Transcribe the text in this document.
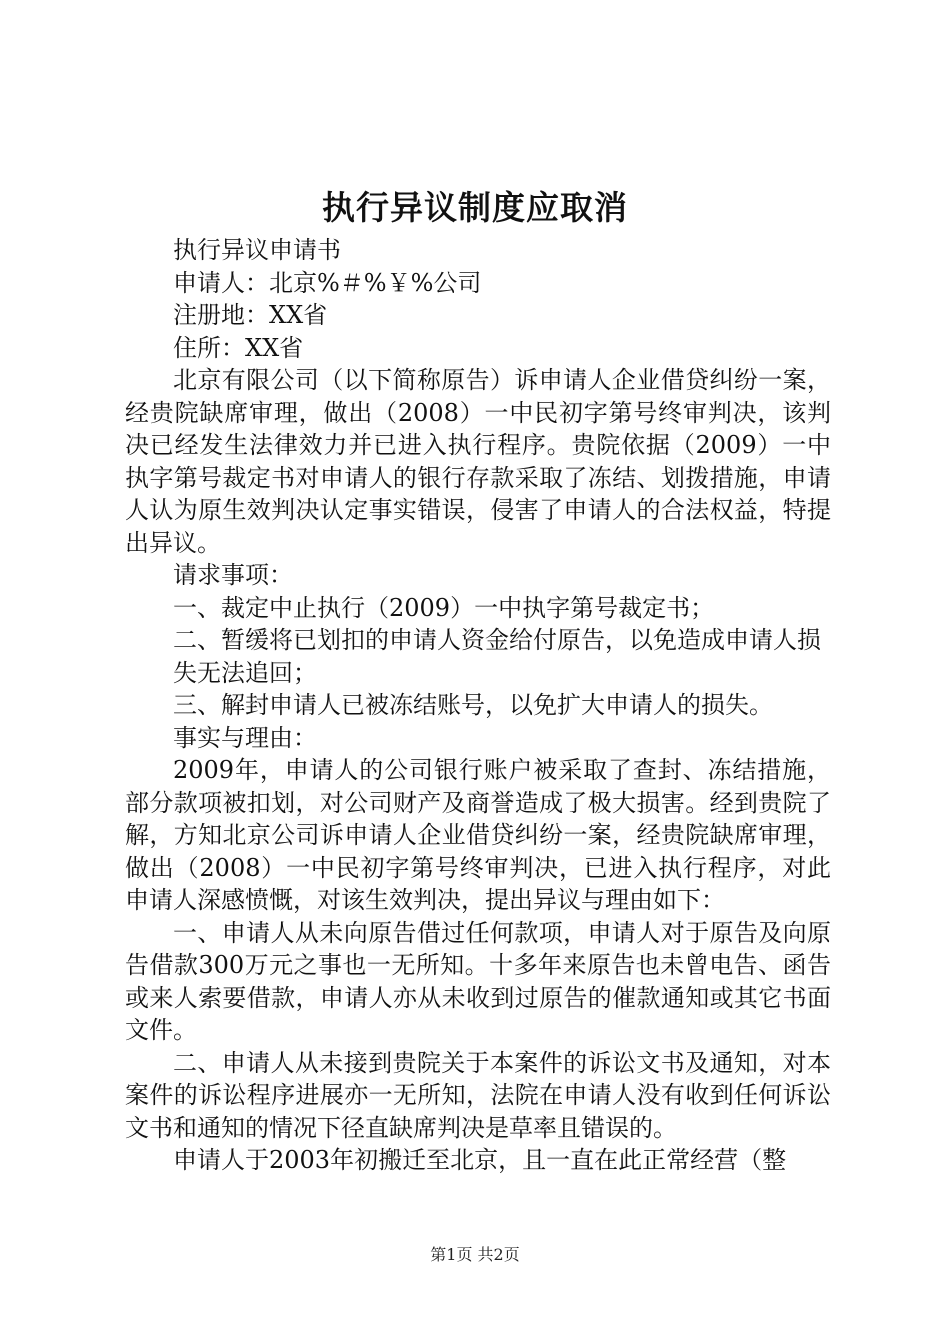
执行异议制度应取消

执行异议申请书

申请人：北京%＃%￥%公司

注册地：XX省

住所：XX省

北京有限公司（以下简称原告）诉申请人企业借贷纠纷一案，经贵院缺席审理，做出（2008）一中民初字第号终审判决，该判决已经发生法律效力并已进入执行程序。贵院依据（2009）一中执字第号裁定书对申请人的银行存款采取了冻结、划拨措施，申请人认为原生效判决认定事实错误，侵害了申请人的合法权益，特提出异议。

请求事项：

一、裁定中止执行（2009）一中执字第号裁定书；

二、暂缓将已划扣的申请人资金给付原告，以免造成申请人损

失无法追回；

三、解封申请人已被冻结账号，以免扩大申请人的损失。

事实与理由：

2009年，申请人的公司银行账户被采取了查封、冻结措施，部分款项被扣划，对公司财产及商誉造成了极大损害。经到贵院了解，方知北京公司诉申请人企业借贷纠纷一案，经贵院缺席审理，做出（2008）一中民初字第号终审判决，已进入执行程序，对此申请人深感愤慨，对该生效判决，提出异议与理由如下：

一、申请人从未向原告借过任何款项，申请人对于原告及向原告借款300万元之事也一无所知。十多年来原告也未曾电告、函告或来人索要借款，申请人亦从未收到过原告的催款通知或其它书面文件。

二、申请人从未接到贵院关于本案件的诉讼文书及通知，对本案件的诉讼程序进展亦一无所知，法院在申请人没有收到任何诉讼文书和通知的情况下径直缺席判决是草率且错误的。

申请人于2003年初搬迁至北京，且一直在此正常经营（整

第1页 共2页
